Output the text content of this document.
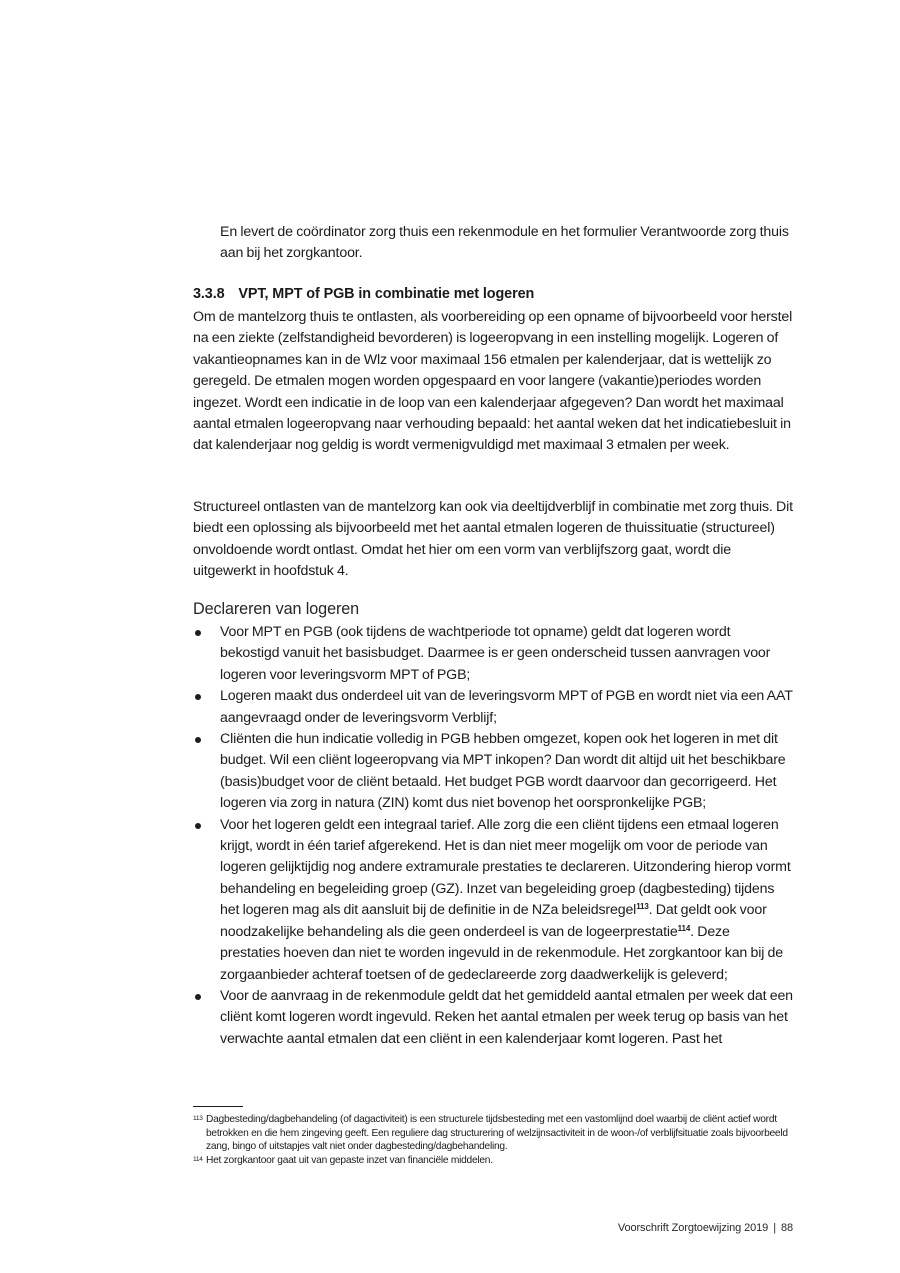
En levert de coördinator zorg thuis een rekenmodule en het formulier Verantwoorde zorg thuis aan bij het zorgkantoor.
3.3.8 VPT, MPT of PGB in combinatie met logeren
Om de mantelzorg thuis te ontlasten, als voorbereiding op een opname of bijvoorbeeld voor herstel na een ziekte (zelfstandigheid bevorderen) is logeeropvang in een instelling mogelijk. Logeren of vakantieopnames kan in de Wlz voor maximaal 156 etmalen per kalenderjaar, dat is wettelijk zo geregeld. De etmalen mogen worden opgespaard en voor langere (vakantie)periodes worden ingezet. Wordt een indicatie in de loop van een kalenderjaar afgegeven? Dan wordt het maximaal aantal etmalen logeeropvang naar verhouding bepaald: het aantal weken dat het indicatiebesluit in dat kalenderjaar nog geldig is wordt vermenigvuldigd met maximaal 3 etmalen per week.
Structureel ontlasten van de mantelzorg kan ook via deeltijdverblijf in combinatie met zorg thuis. Dit biedt een oplossing als bijvoorbeeld met het aantal etmalen logeren de thuissituatie (structureel) onvoldoende wordt ontlast. Omdat het hier om een vorm van verblijfszorg gaat, wordt die uitgewerkt in hoofdstuk 4.
Declareren van logeren
Voor MPT en PGB (ook tijdens de wachtperiode tot opname) geldt dat logeren wordt bekostigd vanuit het basisbudget. Daarmee is er geen onderscheid tussen aanvragen voor logeren voor leveringsvorm MPT of PGB;
Logeren maakt dus onderdeel uit van de leveringsvorm MPT of PGB en wordt niet via een AAT aangevraagd onder de leveringsvorm Verblijf;
Cliënten die hun indicatie volledig in PGB hebben omgezet, kopen ook het logeren in met dit budget. Wil een cliënt logeeropvang via MPT inkopen? Dan wordt dit altijd uit het beschikbare (basis)budget voor de cliënt betaald. Het budget PGB wordt daarvoor dan gecorrigeerd. Het logeren via zorg in natura (ZIN) komt dus niet bovenop het oorspronkelijke PGB;
Voor het logeren geldt een integraal tarief. Alle zorg die een cliënt tijdens een etmaal logeren krijgt, wordt in één tarief afgerekend. Het is dan niet meer mogelijk om voor de periode van logeren gelijktijdig nog andere extramurale prestaties te declareren. Uitzondering hierop vormt behandeling en begeleiding groep (GZ). Inzet van begeleiding groep (dagbesteding) tijdens het logeren mag als dit aansluit bij de definitie in de NZa beleidsregel$^{113}$. Dat geldt ook voor noodzakelijke behandeling als die geen onderdeel is van de logeerprestatie$^{114}$. Deze prestaties hoeven dan niet te worden ingevuld in de rekenmodule. Het zorgkantoor kan bij de zorgaanbieder achteraf toetsen of de gedeclareerde zorg daadwerkelijk is geleverd;
Voor de aanvraag in de rekenmodule geldt dat het gemiddeld aantal etmalen per week dat een cliënt komt logeren wordt ingevuld. Reken het aantal etmalen per week terug op basis van het verwachte aantal etmalen dat een cliënt in een kalenderjaar komt logeren. Past het
113 Dagbesteding/dagbehandeling (of dagactiviteit) is een structurele tijdsbesteding met een vastomlijnd doel waarbij de cliënt actief wordt betrokken en die hem zingeving geeft. Een reguliere dag structurering of welzijnsactiviteit in de woon-/of verblijfsituatie zoals bijvoorbeeld zang, bingo of uitstapjes valt niet onder dagbesteding/dagbehandeling.
114 Het zorgkantoor gaat uit van gepaste inzet van financiële middelen.
Voorschrift Zorgtoewijzing 2019 | 88
